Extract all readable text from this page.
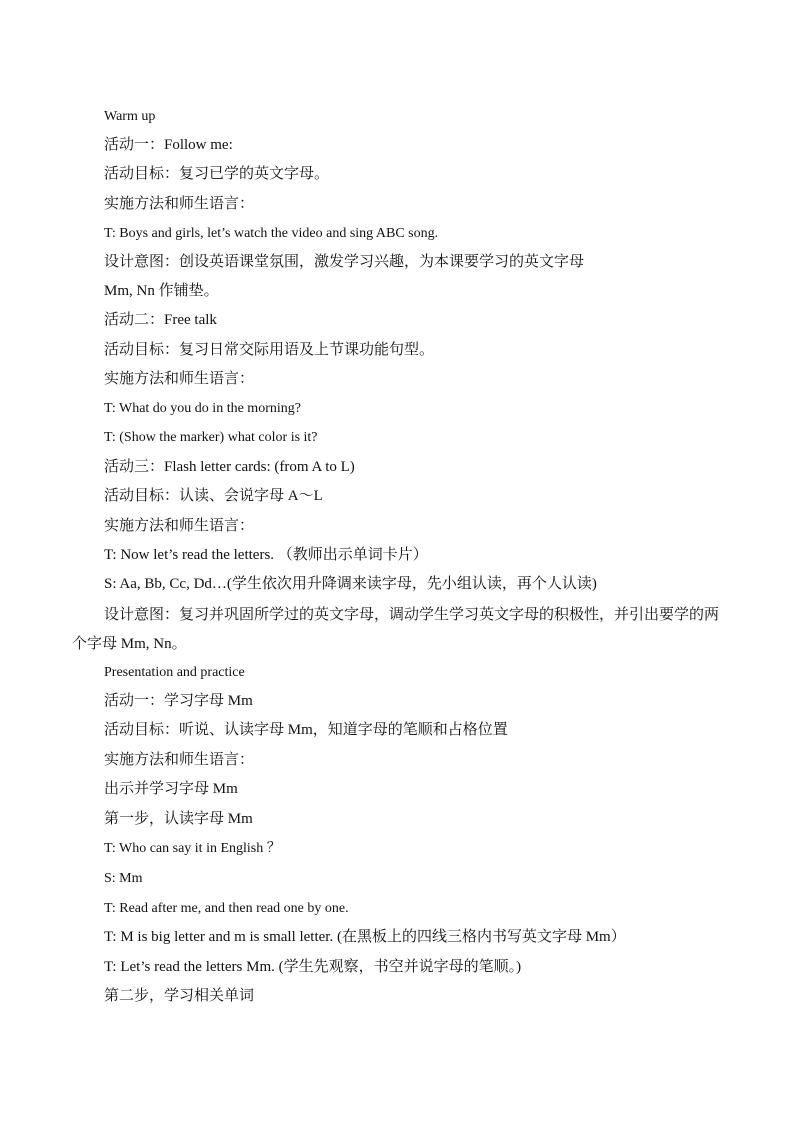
Warm up
活动一：Follow me:
活动目标：复习已学的英文字母。
实施方法和师生语言：
T: Boys and girls, let’s watch the video and sing ABC song.
设计意图：创设英语课堂氛围，激发学习兴趣，为本课要学习的英文字母
Mm, Nn 作铺垫。
活动二：Free talk
活动目标：复习日常交际用语及上节课功能句型。
实施方法和师生语言：
T: What do you do in the morning?
T: (Show the marker) what color is it?
活动三：Flash letter cards: (from A to L)
活动目标：认读、会说字母 A～L
实施方法和师生语言：
T: Now let’s read the letters. （教师出示单词卡片）
S: Aa, Bb, Cc, Dd…(学生依次用升降调来读字母，先小组认读，再个人认读)
设计意图：复习并巩固所学过的英文字母，调动学生学习英文字母的积极性，并引出要学的两个字母 Mm, Nn。
Presentation and practice
活动一：学习字母 Mm
活动目标：听说、认读字母 Mm，知道字母的笔顺和占格位置
实施方法和师生语言：
出示并学习字母 Mm
第一步，认读字母 Mm
T: Who can say it in English ？
S: Mm
T: Read after me, and then read one by one.
T: M is big letter and m is small letter. (在黑板上的四线三格内书写英文字母 Mm）
T: Let’s read the letters Mm. (学生先观察，书空并说字母的笔顺。)
第二步，学习相关单词
